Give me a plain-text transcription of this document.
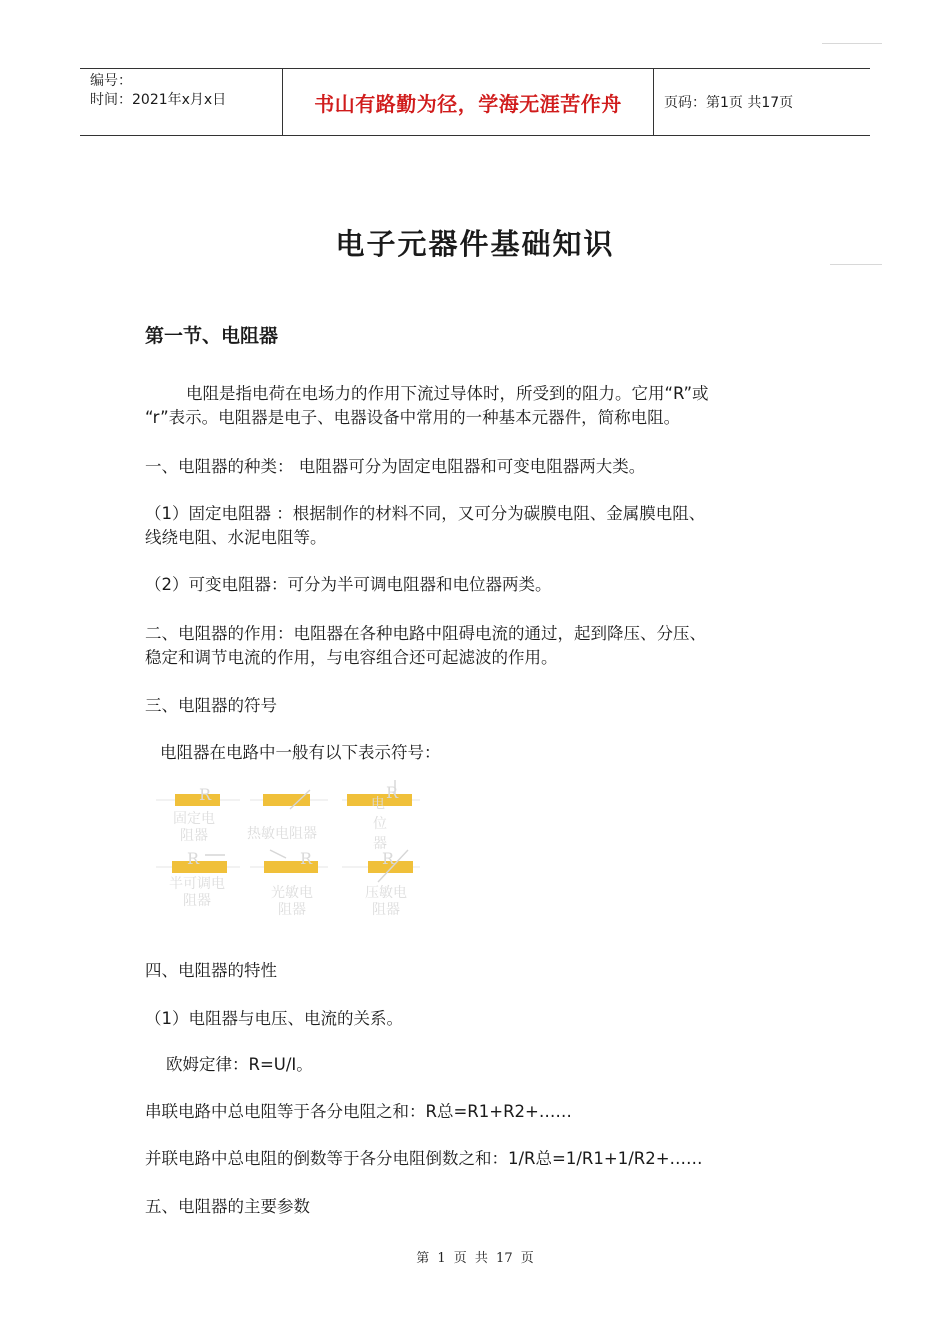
编号：
时间：2021年x月x日	书山有路勤为径，学海无涯苦作舟	页码：第1页 共17页
电子元器件基础知识
第一节、电阻器

电阻是指电荷在电场力的作用下流过导体时，所受到的阻力。它用“R”或

“r”表示。电阻器是电子、电器设备中常用的一种基本元器件，简称电阻。

一、电阻器的种类： 电阻器可分为固定电阻器和可变电阻器两大类。

（1）固定电阻器 ：根据制作的材料不同，又可分为碳膜电阻、金属膜电阻、

线绕电阻、水泥电阻等。

（2）可变电阻器：可分为半可调电阻器和电位器两类。

二、电阻器的作用：电阻器在各种电路中阻碍电流的通过，起到降压、分压、

稳定和调节电流的作用，与电容组合还可起滤波的作用。

三、电阻器的符号

电阻器在电路中一般有以下表示符号：

R	R
R	R	R
固定电
阻器	热敏电阻器
电
位
器
半可调电
阻器	光敏电
阻器
压敏电
阻器

四、电阻器的特性

（1）电阻器与电压、电流的关系。

欧姆定律：R=U/I。

串联电路中总电阻等于各分电阻之和：R总=R1+R2+……

并联电路中总电阻的倒数等于各分电阻倒数之和：1/R总=1/R1+1/R2+……

五、电阻器的主要参数

第 1 页 共 17 页
